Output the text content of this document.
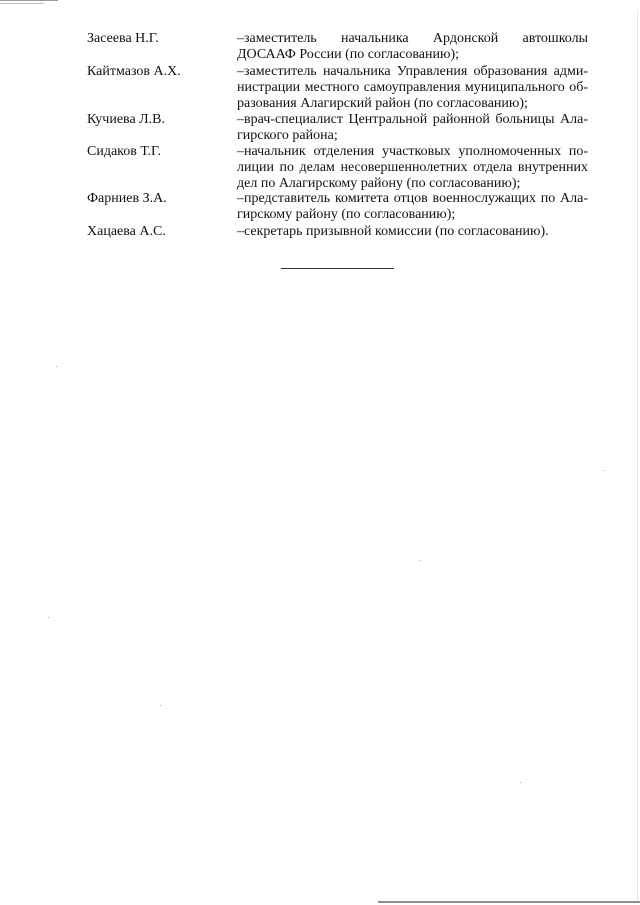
Засеева Н.Г.	–заместитель начальника Ардонской автошколы
ДОСААФ России (по согласованию);
Кайтмазов А.Х.	–заместитель начальника Управления образования адми-
нистрации местного самоуправления муниципального об-
разования Алагирский район (по согласованию);
Кучиева Л.В.	–врач-специалист Центральной районной больницы Ала-
гирского района;
Сидаков Т.Г.	–начальник отделения участковых уполномоченных по-
лиции по делам несовершеннолетних отдела внутренних
дел по Алагирскому району (по согласованию);
Фарниев З.А.	–представитель комитета отцов военнослужащих по Ала-
гирскому району (по согласованию);
Хацаева А.С.	–секретарь призывной комиссии (по согласованию).
